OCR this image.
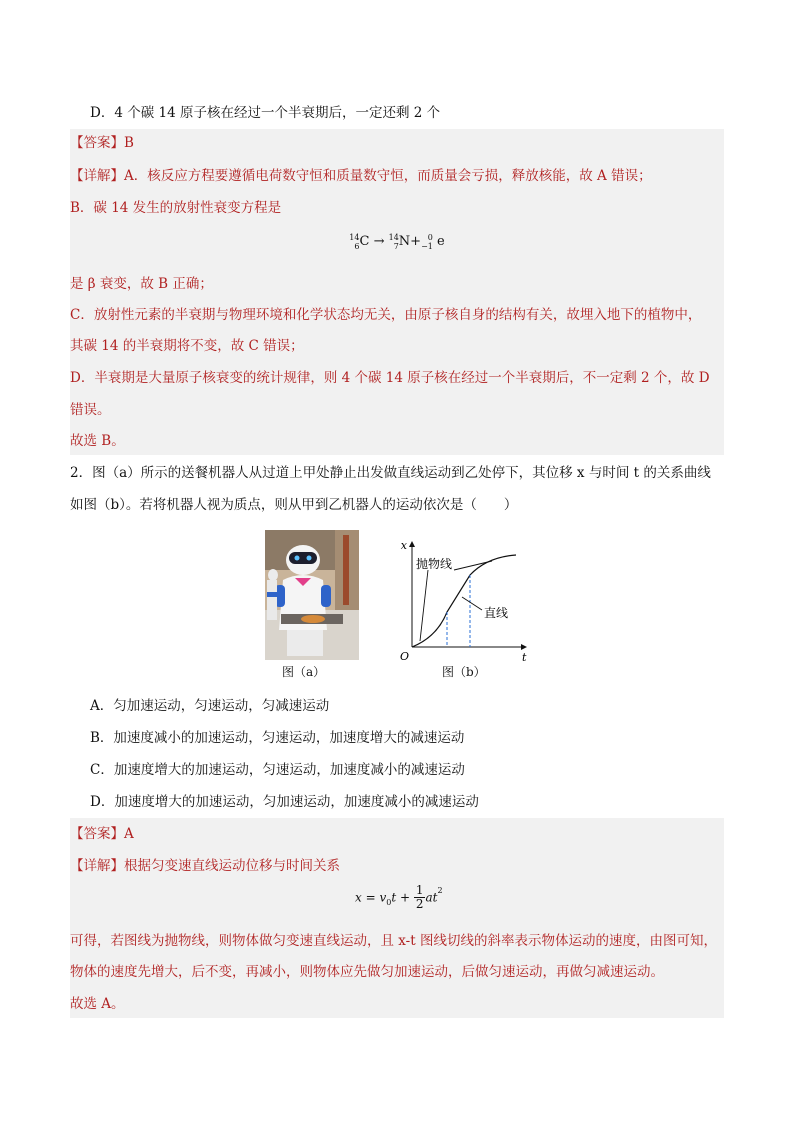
D．4 个碳 14 原子核在经过一个半衰期后，一定还剩 2 个
【答案】B
【详解】A．核反应方程要遵循电荷数守恒和质量数守恒，而质量会亏损，释放核能，故 A 错误；
B．碳 14 发生的放射性衰变方程是
14
6 C → 14
7 N+ 0
−1 e
是 β 衰变，故 B 正确；
C．放射性元素的半衰期与物理环境和化学状态均无关，由原子核自身的结构有关，故埋入地下的植物中，
其碳 14 的半衰期将不变，故 C 错误；
D．半衰期是大量原子核衰变的统计规律，则 4 个碳 14 原子核在经过一个半衰期后，不一定剩 2 个，故 D
错误。
故选 B。
2．图（a）所示的送餐机器人从过道上甲处静止出发做直线运动到乙处停下，其位移 x 与时间 t 的关系曲线
如图（b）。若将机器人视为质点，则从甲到乙机器人的运动依次是（　　）
图（a）
x
t
O
抛物线
直线
图（b）
A．匀加速运动，匀速运动，匀减速运动
B．加速度减小的加速运动，匀速运动，加速度增大的减速运动
C．加速度增大的加速运动，匀速运动，加速度减小的减速运动
D．加速度增大的加速运动，匀加速运动，加速度减小的减速运动
【答案】A
【详解】根据匀变速直线运动位移与时间关系
$x = v_0t + \frac{1}{2} at^2$
可得，若图线为抛物线，则物体做匀变速直线运动，且 x-t 图线切线的斜率表示物体运动的速度，由图可知，
物体的速度先增大，后不变，再减小，则物体应先做匀加速运动，后做匀速运动，再做匀减速运动。
故选 A。
